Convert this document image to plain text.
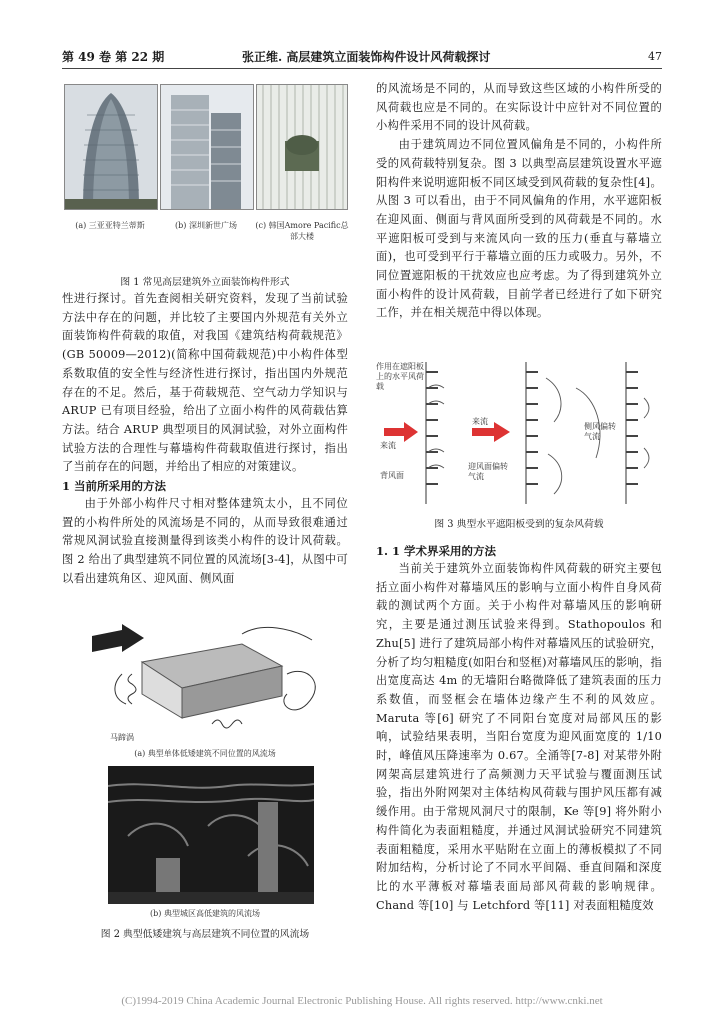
第 49 卷 第 22 期	张正维. 高层建筑立面装饰构件设计风荷载探讨	47
(a) 三亚亚特兰蒂斯	(b) 深圳新世广场	(c) 韩国Amore Pacific总部大楼
图 1 常见高层建筑外立面装饰构件形式

性进行探讨。首先查阅相关研究资料，发现了当前试验方法中存在的问题，并比较了主要国内外规范有关外立面装饰构件荷载的取值，对我国《建筑结构荷载规范》(GB 50009—2012)(简称中国荷载规范)中小构件体型系数取值的安全性与经济性进行探讨，指出国内外规范存在的不足。然后，基于荷载规范、空气动力学知识与 ARUP 已有项目经验，给出了立面小构件的风荷载估算方法。结合 ARUP 典型项目的风洞试验，对外立面构件试验方法的合理性与幕墙构件荷载取值进行探讨，指出了当前存在的问题，并给出了相应的对策建议。

1 当前所采用的方法

由于外部小构件尺寸相对整体建筑太小，且不同位置的小构件所处的风流场是不同的，从而导致很难通过常规风洞试验直接测量得到该类小构件的设计风荷载。图 2 给出了典型建筑不同位置的风流场[3-4]，从图中可以看出建筑角区、迎风面、侧风面

马蹄涡
(a) 典型单体低矮建筑不同位置的风流场
(b) 典型城区高低建筑的风流场
图 2 典型低矮建筑与高层建筑不同位置的风流场

的风流场是不同的，从而导致这些区域的小构件所受的风荷载也应是不同的。在实际设计中应针对不同位置的小构件采用不同的设计风荷载。

由于建筑周边不同位置风偏角是不同的，小构件所受的风荷载特别复杂。图 3 以典型高层建筑设置水平遮阳构件来说明遮阳板不同区域受到风荷载的复杂性[4]。从图 3 可以看出，由于不同风偏角的作用，水平遮阳板在迎风面、侧面与背风面所受到的风荷载是不同的。水平遮阳板可受到与来流风向一致的压力(垂直与幕墙立面)，也可受到平行于幕墙立面的压力或吸力。另外，不同位置遮阳板的干扰效应也应考虑。为了得到建筑外立面小构件的设计风荷载，目前学者已经进行了如下研究工作，并在相关规范中得以体现。

作用在遮阳板上的水平风荷载
来流
来流
侧风偏转气流
迎风面偏转气流
背风面
图 3 典型水平遮阳板受到的复杂风荷载

1. 1 学术界采用的方法

当前关于建筑外立面装饰构件风荷载的研究主要包括立面小构件对幕墙风压的影响与立面小构件自身风荷载的测试两个方面。关于小构件对幕墙风压的影响研究，主要是通过测压试验来得到。Stathopoulos 和 Zhu[5] 进行了建筑局部小构件对幕墙风压的试验研究，分析了均匀粗糙度(如阳台和竖框)对幕墙风压的影响，指出宽度高达 4m 的无墙阳台略微降低了建筑表面的压力系数值，而竖框会在墙体边缘产生不利的风效应。Maruta 等[6] 研究了不同阳台宽度对局部风压的影响，试验结果表明，当阳台宽度为迎风面宽度的 1/10 时，峰值风压降速率为 0.67。全涌等[7-8] 对某带外附网架高层建筑进行了高频测力天平试验与覆面测压试验，指出外附网架对主体结构风荷载与围护风压都有减缓作用。由于常规风洞尺寸的限制，Ke 等[9] 将外附小构件简化为表面粗糙度，并通过风洞试验研究不同建筑表面粗糙度，采用水平贴附在立面上的薄板模拟了不同附加结构，分析讨论了不同水平间隔、垂直间隔和深度比的水平薄板对幕墙表面局部风荷载的影响规律。Chand 等[10] 与 Letchford 等[11] 对表面粗糙度效

(C)1994-2019 China Academic Journal Electronic Publishing House. All rights reserved. http://www.cnki.net
